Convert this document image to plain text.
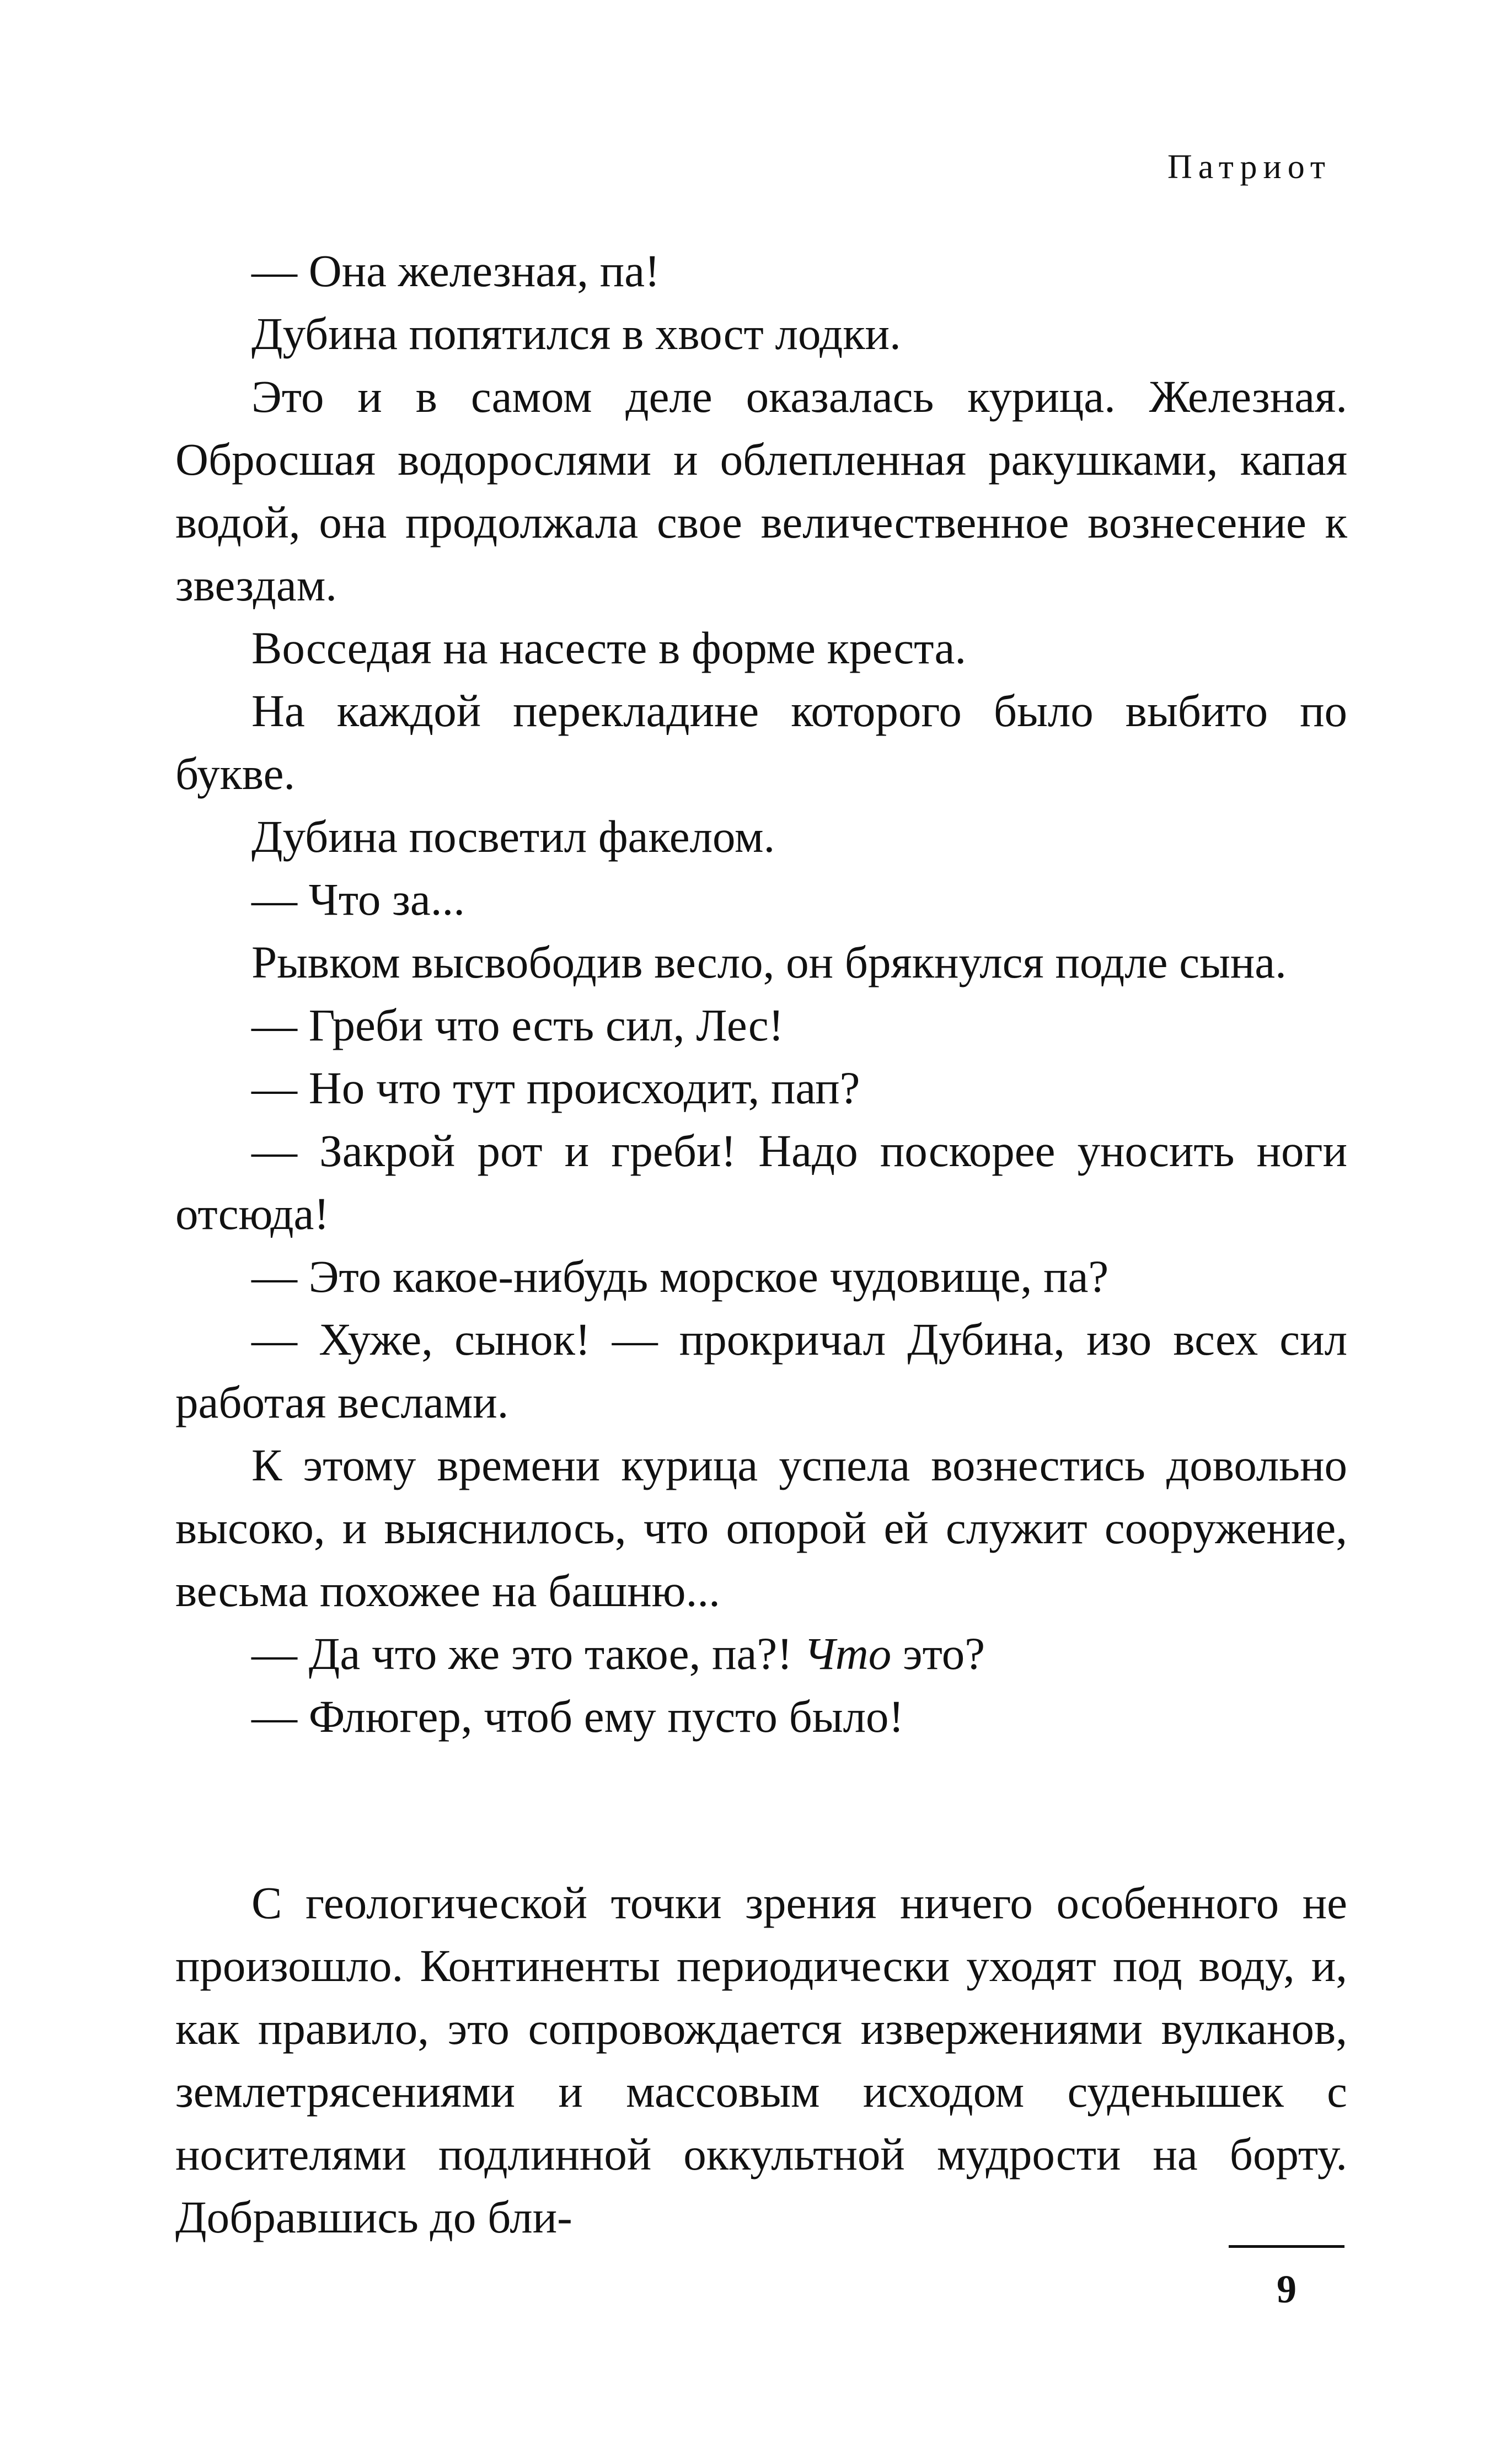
Патриот

— Она железная, па!

Дубина попятился в хвост лодки.

Это и в самом деле оказалась курица. Железная. Обросшая водорослями и облепленная ракушками, капая водой, она продолжала свое величественное вознесение к звездам.

Восседая на насесте в форме креста.

На каждой перекладине которого было выбито по букве.

Дубина посветил факелом.

— Что за...

Рывком высвободив весло, он брякнулся подле сына.

— Греби что есть сил, Лес!

— Но что тут происходит, пап?

— Закрой рот и греби! Надо поскорее уносить ноги отсюда!

— Это какое-нибудь морское чудовище, па?

— Хуже, сынок! — прокричал Дубина, изо всех сил работая веслами.

К этому времени курица успела вознестись довольно высоко, и выяснилось, что опорой ей служит сооружение, весьма похожее на башню...

— Да что же это такое, па?! Что это?

— Флюгер, чтоб ему пусто было!

С геологической точки зрения ничего особенного не произошло. Континенты периодически уходят под воду, и, как правило, это сопровождается извержениями вулканов, землетрясениями и массовым исходом суденышек с носителями подлинной оккультной мудрости на борту. Добравшись до бли-

9
